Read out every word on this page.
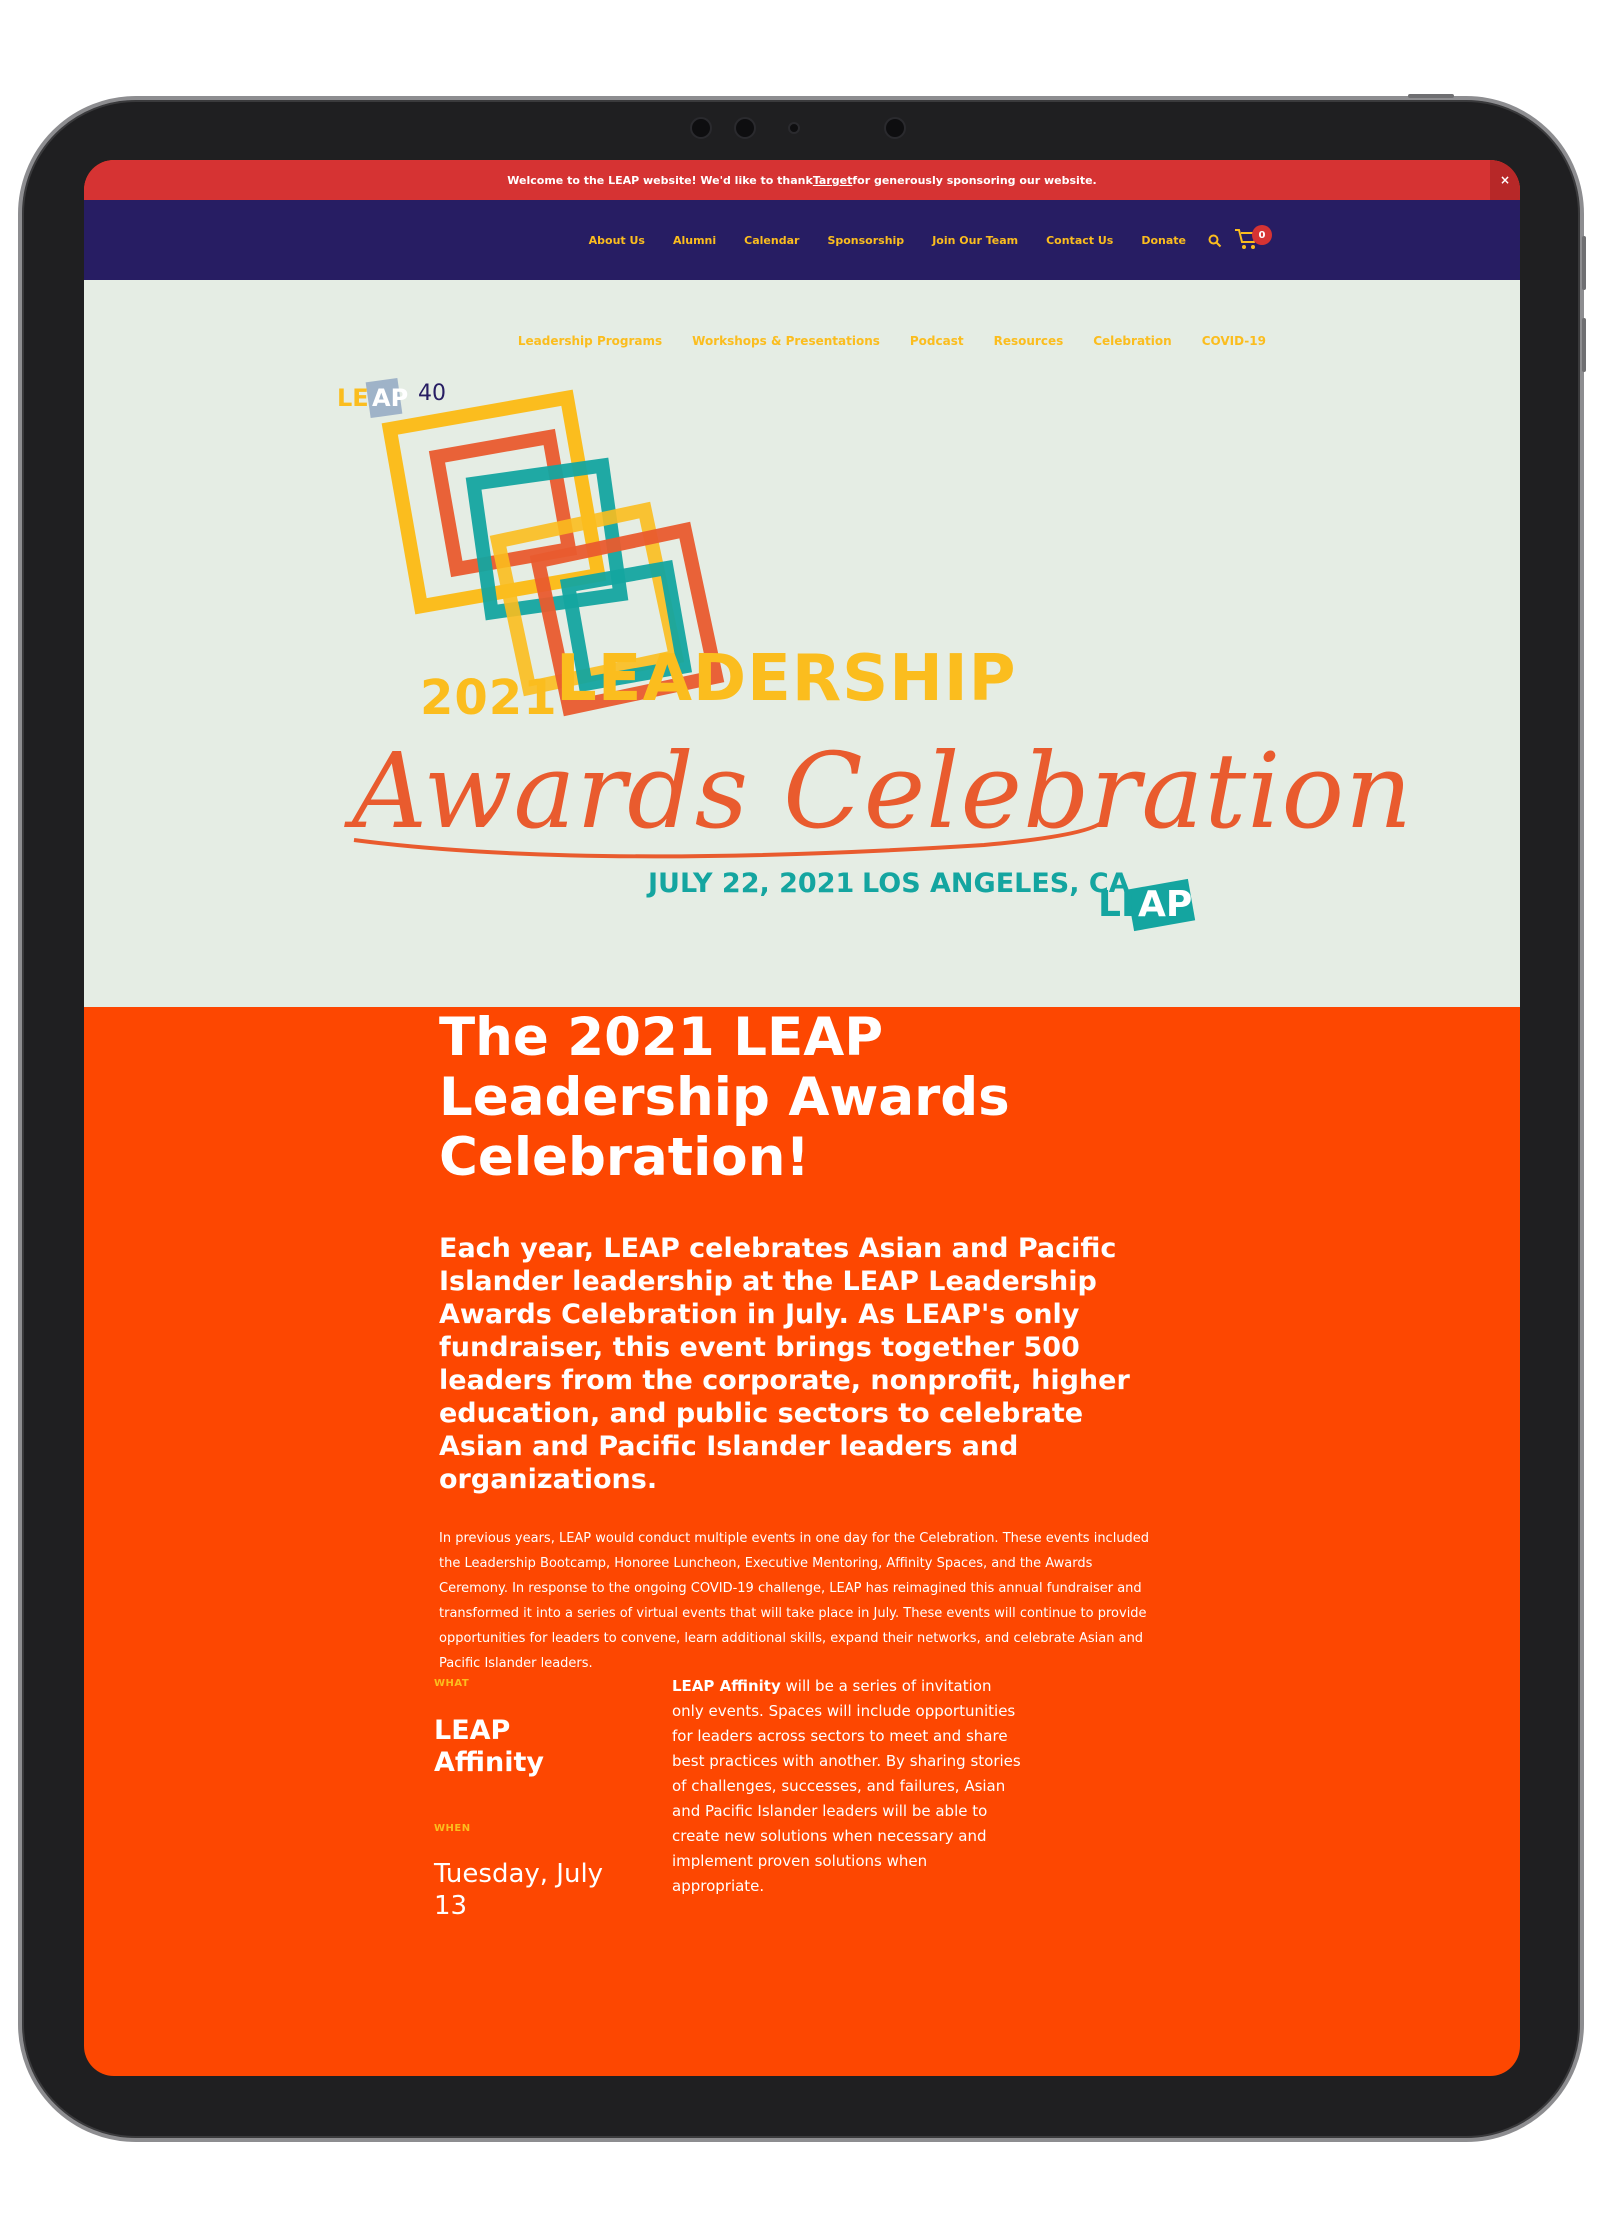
Welcome to the LEAP website! We'd like to thank Target for generously sponsoring our website.	×
About Us	Alumni	Calendar	Sponsorship	Join Our Team	Contact Us	Donate	0
LE AP 40
LE
AP
Leadership Programs	Workshops & Presentations	Podcast	Resources	Celebration	COVID-19
2021
LEADERSHIP
Awards Celebration
JULY 22, 2021 LOS ANGELES, CA
The 2021 LEAP Leadership Awards Celebration!

Each year, LEAP celebrates Asian and Pacific Islander leadership at the LEAP Leadership Awards Celebration in July. As LEAP's only fundraiser, this event brings together 500 leaders from the corporate, nonprofit, higher education, and public sectors to celebrate Asian and Pacific Islander leaders and organizations.

In previous years, LEAP would conduct multiple events in one day for the Celebration. These events included the Leadership Bootcamp, Honoree Luncheon, Executive Mentoring, Affinity Spaces, and the Awards Ceremony. In response to the ongoing COVID-19 challenge, LEAP has reimagined this annual fundraiser and transformed it into a series of virtual events that will take place in July. These events will continue to provide opportunities for leaders to convene, learn additional skills, expand their networks, and celebrate Asian and Pacific Islander leaders.

WHAT
LEAP Affinity
WHEN
Tuesday, July 13
LEAP Affinity will be a series of invitation only events. Spaces will include opportunities for leaders across sectors to meet and share best practices with another. By sharing stories of challenges, successes, and failures, Asian and Pacific Islander leaders will be able to create new solutions when necessary and implement proven solutions when appropriate.
